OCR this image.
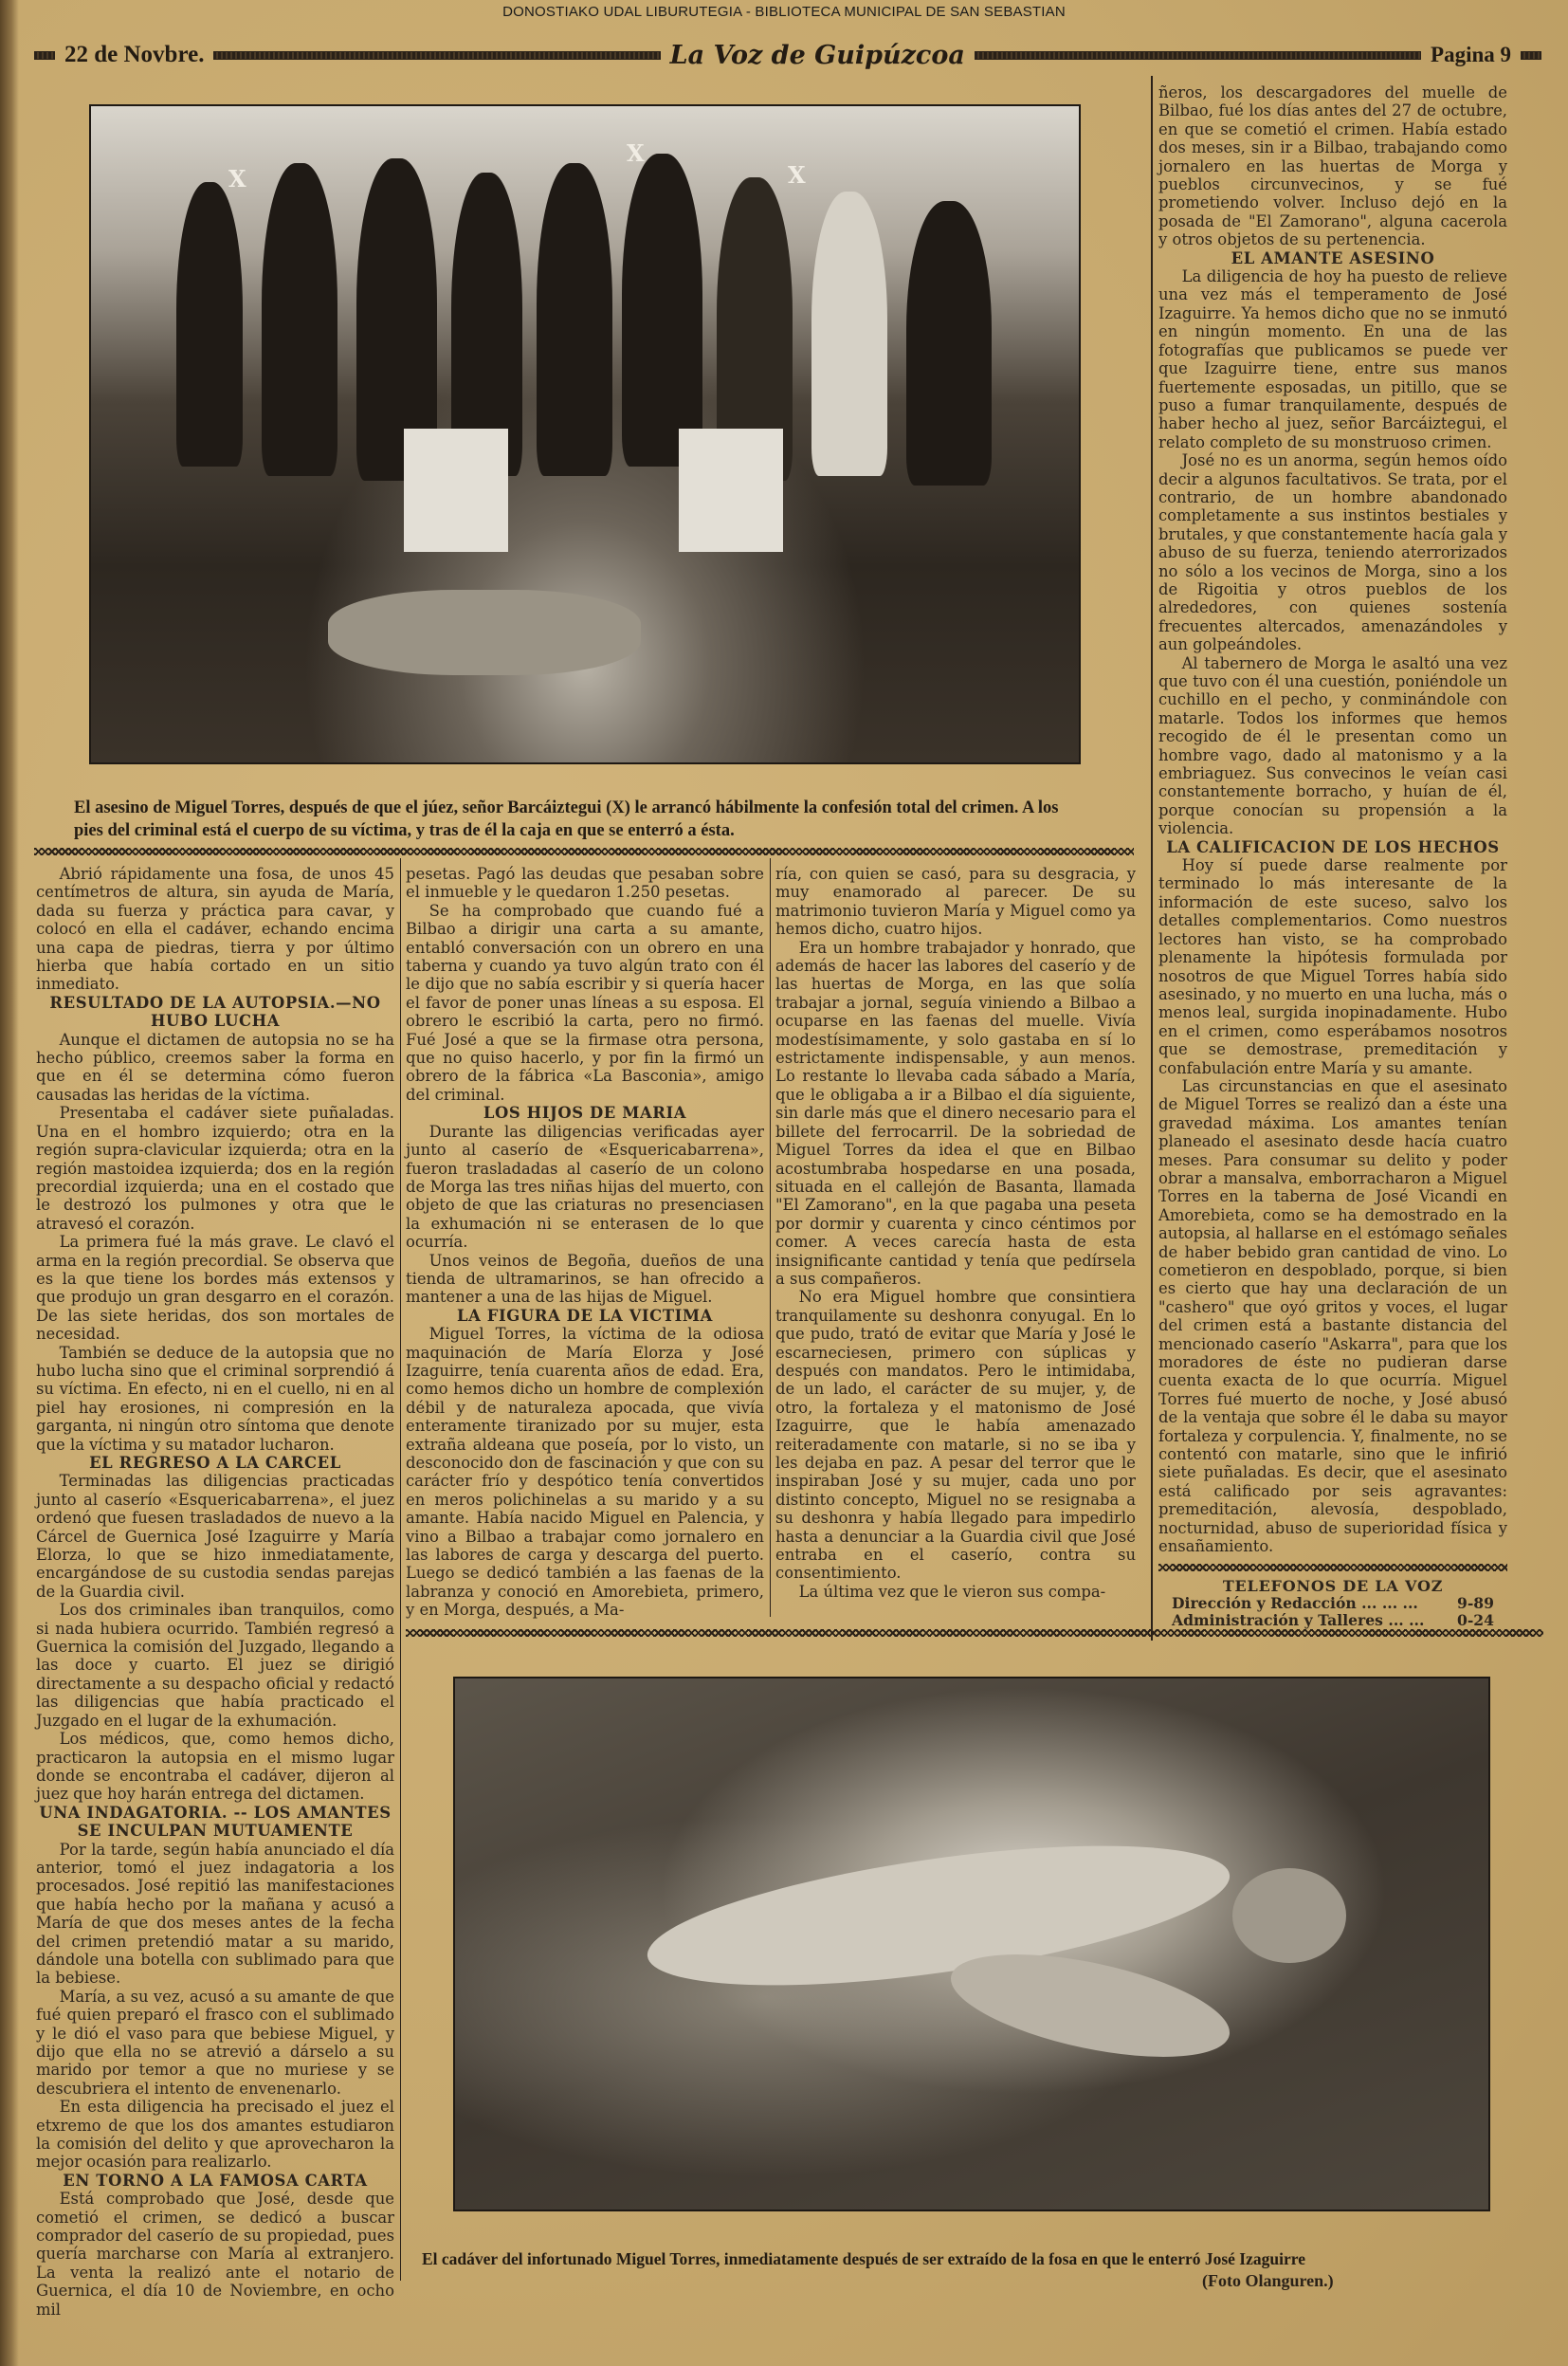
DONOSTIAKO UDAL LIBURUTEGIA - BIBLIOTECA MUNICIPAL DE SAN SEBASTIAN
22 de Novbre.	La Voz de Guipúzcoa	Pagina 9
X
X
X
El asesino de Miguel Torres, después de que el júez, señor Barcáiztegui (X) le arrancó hábilmente la confesión total del crimen. A los pies del criminal está el cuerpo de su víctima, y tras de él la caja en que se enterró a ésta.

ñeros, los descargadores del muelle de Bilbao, fué los días antes del 27 de octubre, en que se cometió el crimen. Había estado dos meses, sin ir a Bilbao, trabajando como jornalero en las huertas de Morga y pueblos circunvecinos, y se fué prometiendo volver. Incluso dejó en la posada de "El Zamorano", alguna cacerola y otros objetos de su pertenencia.

EL AMANTE ASESINO

La diligencia de hoy ha puesto de relieve una vez más el temperamento de José Izaguirre. Ya hemos dicho que no se inmutó en ningún momento. En una de las fotografías que publicamos se puede ver que Izaguirre tiene, entre sus manos fuertemente esposadas, un pitillo, que se puso a fumar tranquilamente, después de haber hecho al juez, señor Barcáiztegui, el relato completo de su monstruoso crimen.

José no es un anorma, según hemos oído decir a algunos facultativos. Se trata, por el contrario, de un hombre abandonado completamente a sus instintos bestiales y brutales, y que constantemente hacía gala y abuso de su fuerza, teniendo aterrorizados no sólo a los vecinos de Morga, sino a los de Rigoitia y otros pueblos de los alrededores, con quienes sostenía frecuentes altercados, amenazándoles y aun golpeándoles.

Al tabernero de Morga le asaltó una vez que tuvo con él una cuestión, poniéndole un cuchillo en el pecho, y conminándole con matarle. Todos los informes que hemos recogido de él le presentan como un hombre vago, dado al matonismo y a la embriaguez. Sus convecinos le veían casi constantemente borracho, y huían de él, porque conocían su propensión a la violencia.

LA CALIFICACION DE LOS HECHOS

Hoy sí puede darse realmente por terminado lo más interesante de la información de este suceso, salvo los detalles complementarios. Como nuestros lectores han visto, se ha comprobado plenamente la hipótesis formulada por nosotros de que Miguel Torres había sido asesinado, y no muerto en una lucha, más o menos leal, surgida inopinadamente. Hubo en el crimen, como esperábamos nosotros que se demostrase, premeditación y confabulación entre María y su amante.

Las circunstancias en que el asesinato de Miguel Torres se realizó dan a éste una gravedad máxima. Los amantes tenían planeado el asesinato desde hacía cuatro meses. Para consumar su delito y poder obrar a mansalva, emborracharon a Miguel Torres en la taberna de José Vicandi en Amorebieta, como se ha demostrado en la autopsia, al hallarse en el estómago señales de haber bebido gran cantidad de vino. Lo cometieron en despoblado, porque, si bien es cierto que hay una declaración de un "cashero" que oyó gritos y voces, el lugar del crimen está a bastante distancia del mencionado caserío "Askarra", para que los moradores de éste no pudieran darse cuenta exacta de lo que ocurría. Miguel Torres fué muerto de noche, y José abusó de la ventaja que sobre él le daba su mayor fortaleza y corpulencia. Y, finalmente, no se contentó con matarle, sino que le infirió siete puñaladas. Es decir, que el asesinato está calificado por seis agravantes: premeditación, alevosía, despoblado, nocturnidad, abuso de superioridad física y ensañamiento.

TELEFONOS DE LA VOZ
Dirección y Redacción ... ... ...	9-89
Administración y Talleres ... ... 0-24

Abrió rápidamente una fosa, de unos 45 centímetros de altura, sin ayuda de María, dada su fuerza y práctica para cavar, y colocó en ella el cadáver, echando encima una capa de piedras, tierra y por último hierba que había cortado en un sitio inmediato.

RESULTADO DE LA AUTOPSIA.—NO HUBO LUCHA

Aunque el dictamen de autopsia no se ha hecho público, creemos saber la forma en que en él se determina cómo fueron causadas las heridas de la víctima.

Presentaba el cadáver siete puñaladas. Una en el hombro izquierdo; otra en la región supra-clavicular izquierda; otra en la región mastoidea izquierda; dos en la región precordial izquierda; una en el costado que le destrozó los pulmones y otra que le atravesó el corazón.

La primera fué la más grave. Le clavó el arma en la región precordial. Se observa que es la que tiene los bordes más extensos y que produjo un gran desgarro en el corazón. De las siete heridas, dos son mortales de necesidad.

También se deduce de la autopsia que no hubo lucha sino que el criminal sorprendió á su víctima. En efecto, ni en el cuello, ni en al piel hay erosiones, ni compresión en la garganta, ni ningún otro síntoma que denote que la víctima y su matador lucharon.

EL REGRESO A LA CARCEL

Terminadas las diligencias practicadas junto al caserío «Esquericabarrena», el juez ordenó que fuesen trasladados de nuevo a la Cárcel de Guernica José Izaguirre y María Elorza, lo que se hizo inmediatamente, encargándose de su custodia sendas parejas de la Guardia civil.

Los dos criminales iban tranquilos, como si nada hubiera ocurrido. También regresó a Guernica la comisión del Juzgado, llegando a las doce y cuarto. El juez se dirigió directamente a su despacho oficial y redactó las diligencias que había practicado el Juzgado en el lugar de la exhumación.

Los médicos, que, como hemos dicho, practicaron la autopsia en el mismo lugar donde se encontraba el cadáver, dijeron al juez que hoy harán entrega del dictamen.

UNA INDAGATORIA. -- LOS AMANTES SE INCULPAN MUTUAMENTE

Por la tarde, según había anunciado el día anterior, tomó el juez indagatoria a los procesados. José repitió las manifestaciones que había hecho por la mañana y acusó a María de que dos meses antes de la fecha del crimen pretendió matar a su marido, dándole una botella con sublimado para que la bebiese.

María, a su vez, acusó a su amante de que fué quien preparó el frasco con el sublimado y le dió el vaso para que bebiese Miguel, y dijo que ella no se atrevió a dárselo a su marido por temor a que no muriese y se descubriera el intento de envenenarlo.

En esta diligencia ha precisado el juez el etxremo de que los dos amantes estudiaron la comisión del delito y que aprovecharon la mejor ocasión para realizarlo.

EN TORNO A LA FAMOSA CARTA

Está comprobado que José, desde que cometió el crimen, se dedicó a buscar comprador del caserío de su propiedad, pues quería marcharse con María al extranjero. La venta la realizó ante el notario de Guernica, el día 10 de Noviembre, en ocho mil

pesetas. Pagó las deudas que pesaban sobre el inmueble y le quedaron 1.250 pesetas.

Se ha comprobado que cuando fué a Bilbao a dirigir una carta a su amante, entabló conversación con un obrero en una taberna y cuando ya tuvo algún trato con él le dijo que no sabía escribir y si quería hacer el favor de poner unas líneas a su esposa. El obrero le escribió la carta, pero no firmó. Fué José a que se la firmase otra persona, que no quiso hacerlo, y por fin la firmó un obrero de la fábrica «La Basconia», amigo del criminal.

LOS HIJOS DE MARIA

Durante las diligencias verificadas ayer junto al caserío de «Esquericabarrena», fueron trasladadas al caserío de un colono de Morga las tres niñas hijas del muerto, con objeto de que las criaturas no presenciasen la exhumación ni se enterasen de lo que ocurría.

Unos veinos de Begoña, dueños de una tienda de ultramarinos, se han ofrecido a mantener a una de las hijas de Miguel.

LA FIGURA DE LA VICTIMA

Miguel Torres, la víctima de la odiosa maquinación de María Elorza y José Izaguirre, tenía cuarenta años de edad. Era, como hemos dicho un hombre de complexión débil y de naturaleza apocada, que vivía enteramente tiranizado por su mujer, esta extraña aldeana que poseía, por lo visto, un desconocido don de fascinación y que con su carácter frío y despótico tenía convertidos en meros polichinelas a su marido y a su amante. Había nacido Miguel en Palencia, y vino a Bilbao a trabajar como jornalero en las labores de carga y descarga del puerto. Luego se dedicó también a las faenas de la labranza y conoció en Amorebieta, primero, y en Morga, después, a Ma-

ría, con quien se casó, para su desgracia, y muy enamorado al parecer. De su matrimonio tuvieron María y Miguel como ya hemos dicho, cuatro hijos.

Era un hombre trabajador y honrado, que además de hacer las labores del caserío y de las huertas de Morga, en las que solía trabajar a jornal, seguía viniendo a Bilbao a ocuparse en las faenas del muelle. Vivía modestísimamente, y solo gastaba en sí lo estrictamente indispensable, y aun menos. Lo restante lo llevaba cada sábado a María, que le obligaba a ir a Bilbao el día siguiente, sin darle más que el dinero necesario para el billete del ferrocarril. De la sobriedad de Miguel Torres da idea el que en Bilbao acostumbraba hospedarse en una posada, situada en el callejón de Basanta, llamada "El Zamorano", en la que pagaba una peseta por dormir y cuarenta y cinco céntimos por comer. A veces carecía hasta de esta insignificante cantidad y tenía que pedírsela a sus compañeros.

No era Miguel hombre que consintiera tranquilamente su deshonra conyugal. En lo que pudo, trató de evitar que María y José le escarneciesen, primero con súplicas y después con mandatos. Pero le intimidaba, de un lado, el carácter de su mujer, y, de otro, la fortaleza y el matonismo de José Izaguirre, que le había amenazado reiteradamente con matarle, si no se iba y les dejaba en paz. A pesar del terror que le inspiraban José y su mujer, cada uno por distinto concepto, Miguel no se resignaba a su deshonra y había llegado para impedirlo hasta a denunciar a la Guardia civil que José entraba en el caserío, contra su consentimiento.

La última vez que le vieron sus compa-

El cadáver del infortunado Miguel Torres, inmediatamente después de ser extraído de la fosa en que le enterró José Izaguirre
(Foto Olanguren.)
